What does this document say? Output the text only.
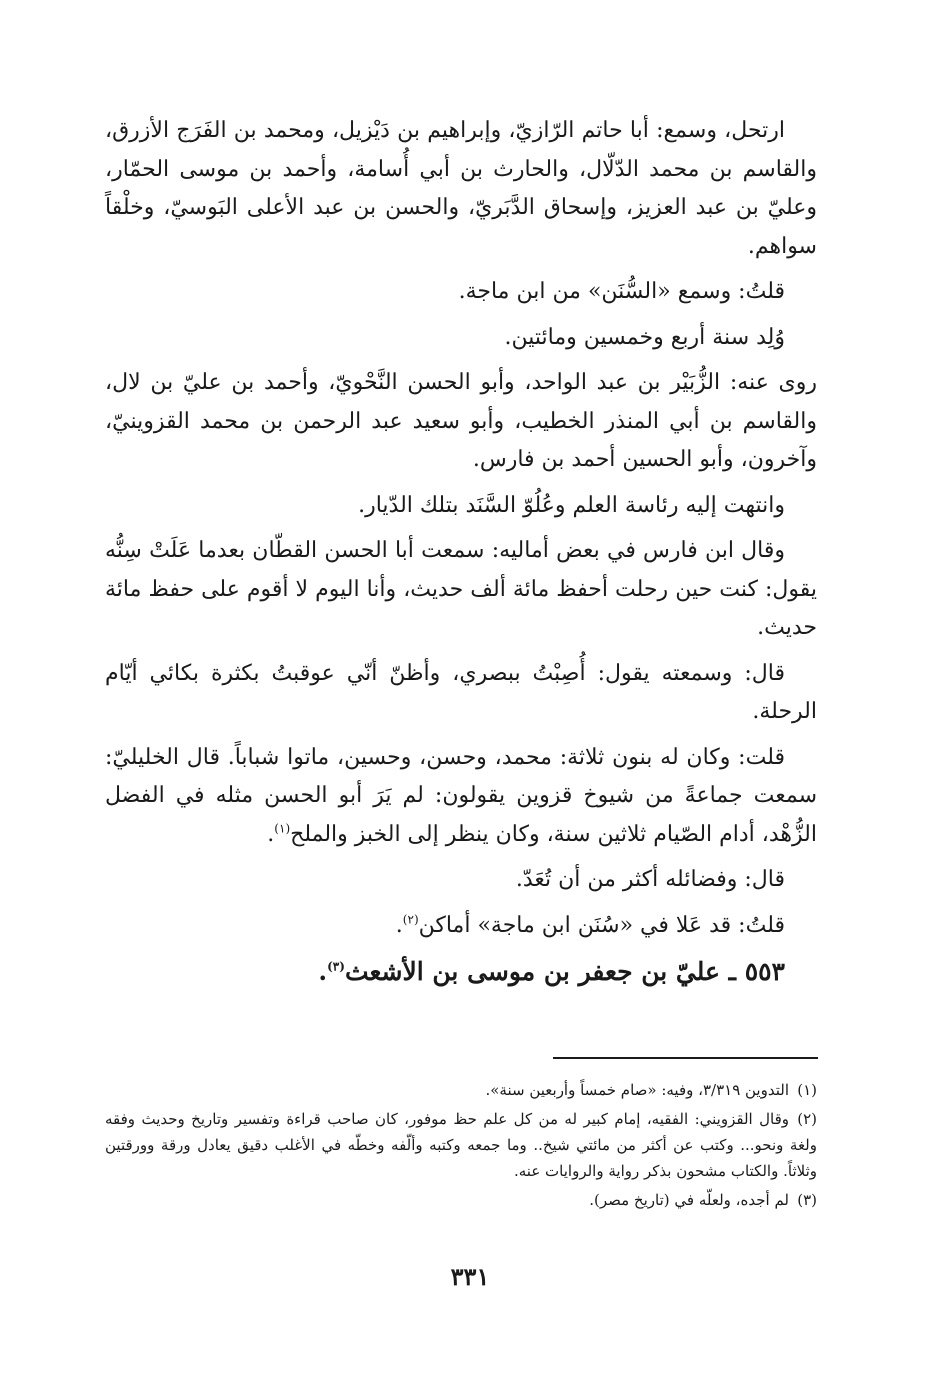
ارتحل، وسمع: أبا حاتم الرّازيّ، وإبراهيم بن دَيْزيل، ومحمد بن الفَرَج الأزرق، والقاسم بن محمد الدّلّال، والحارث بن أبي أُسامة، وأحمد بن موسى الحمّار، وعليّ بن عبد العزيز، وإسحاق الدَّبَريّ، والحسن بن عبد الأعلى البَوسيّ، وخلْقاً سواهم.

قلتُ: وسمع «السُّنَن» من ابن ماجة.

وُلِد سنة أربع وخمسين ومائتين.

روى عنه: الزُّبَيْر بن عبد الواحد، وأبو الحسن النَّحْويّ، وأحمد بن عليّ بن لال، والقاسم بن أبي المنذر الخطيب، وأبو سعيد عبد الرحمن بن محمد القزوينيّ، وآخرون، وأبو الحسين أحمد بن فارس.

وانتهت إليه رئاسة العلم وعُلُوّ السَّنَد بتلك الدّيار.

وقال ابن فارس في بعض أماليه: سمعت أبا الحسن القطّان بعدما عَلَتْ سِنُّه يقول: كنت حين رحلت أحفظ مائة ألف حديث، وأنا اليوم لا أقوم على حفظ مائة حديث.

قال: وسمعته يقول: أُصِبْتُ ببصري، وأظنّ أنّي عوقبتُ بكثرة بكائي أيّام الرحلة.

قلت: وكان له بنون ثلاثة: محمد، وحسن، وحسين، ماتوا شباباً. قال الخليليّ: سمعت جماعةً من شيوخ قزوين يقولون: لم يَرَ أبو الحسن مثله في الفضل الزُّهْد، أدام الصّيام ثلاثين سنة، وكان ينظر إلى الخبز والملح$^{(١)}$.

قال: وفضائله أكثر من أن تُعَدّ.

قلتُ: قد عَلا في «سُنَن ابن ماجة» أماكن$^{(٢)}$.

٥٥٣ ـ عليّ بن جعفر بن موسى بن الأشعث$^{(٣)}$.

(١)التدوين ٣/٣١٩، وفيه: «صام خمساً وأربعين سنة».
(٢)وقال القزويني: الفقيه، إمام كبير له من كل علم حظ موفور، كان صاحب قراءة وتفسير وتاريخ وحديث وفقه ولغة ونحو... وكتب عن أكثر من مائتي شيخ.. وما جمعه وكتبه وألّفه وخطّه في الأغلب دقيق يعادل ورقة وورقتين وثلاثاً. والكتاب مشحون بذكر رواية والروايات عنه.
(٣)لم أجده، ولعلّه في (تاريخ مصر).
٣٣١
